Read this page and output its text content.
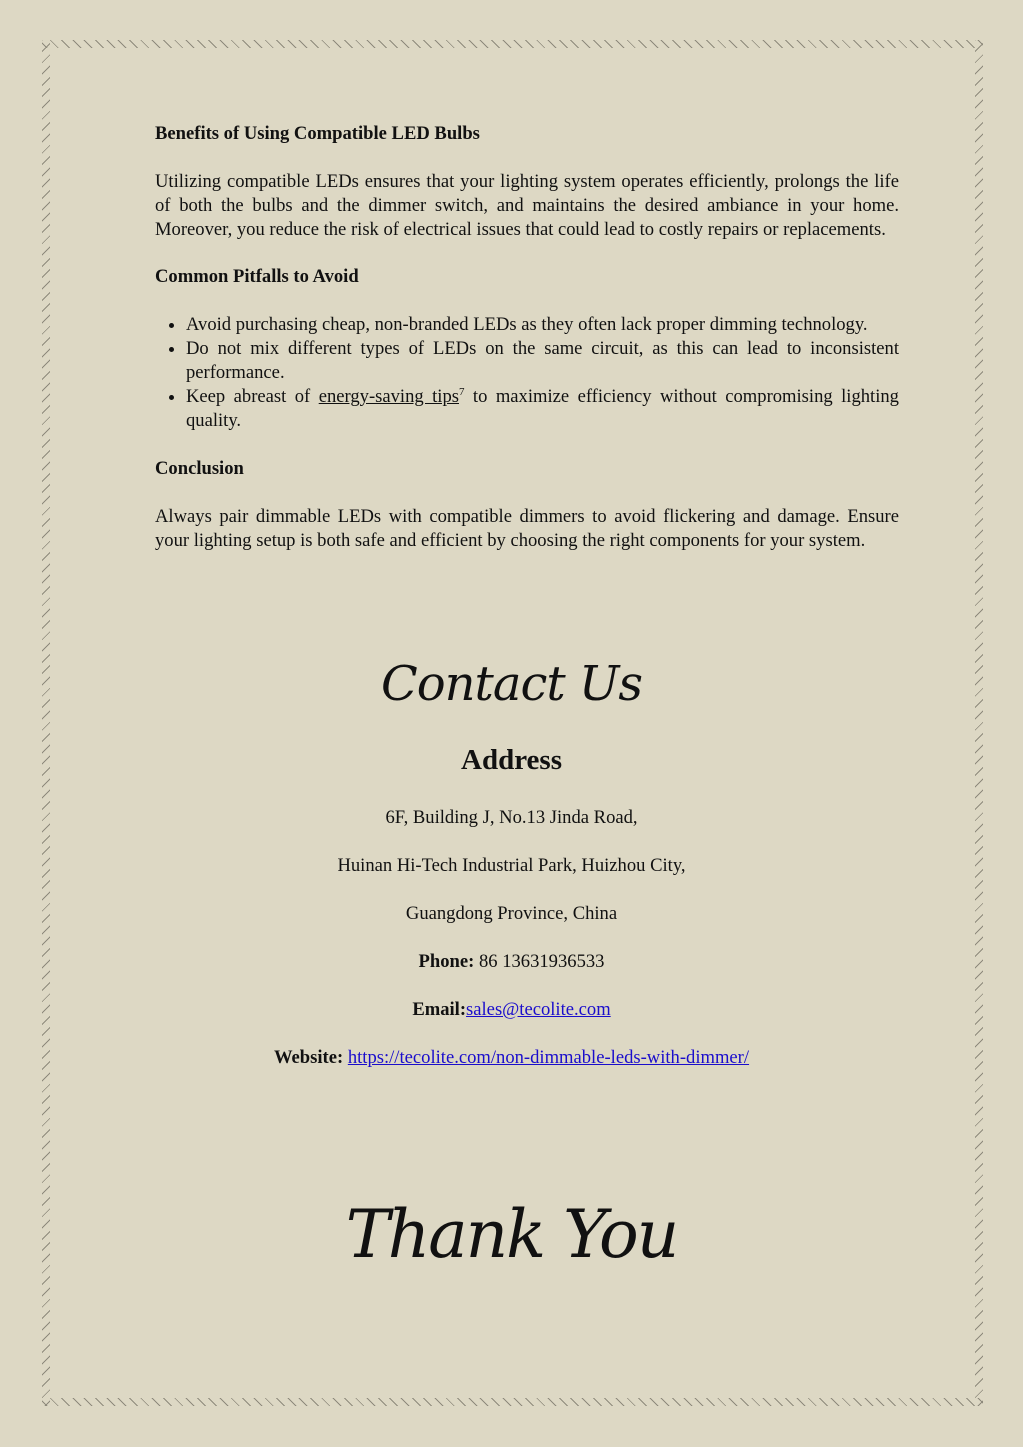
Benefits of Using Compatible LED Bulbs

Utilizing compatible LEDs ensures that your lighting system operates efficiently, prolongs the life of both the bulbs and the dimmer switch, and maintains the desired ambiance in your home. Moreover, you reduce the risk of electrical issues that could lead to costly repairs or replacements.

Common Pitfalls to Avoid
• Avoid purchasing cheap, non-branded LEDs as they often lack proper dimming technology.
• Do not mix different types of LEDs on the same circuit, as this can lead to inconsistent performance.
• Keep abreast of energy-saving tips$^7$ to maximize efficiency without compromising lighting quality.
Conclusion

Always pair dimmable LEDs with compatible dimmers to avoid flickering and damage. Ensure your lighting setup is both safe and efficient by choosing the right components for your system.

Contact Us
Address
6F, Building J, No.13 Jinda Road,
Huinan Hi-Tech Industrial Park, Huizhou City,
Guangdong Province, China
Phone: 86 13631936533
Email:sales@tecolite.com
Website: https://tecolite.com/non-dimmable-leds-with-dimmer/
Thank You
